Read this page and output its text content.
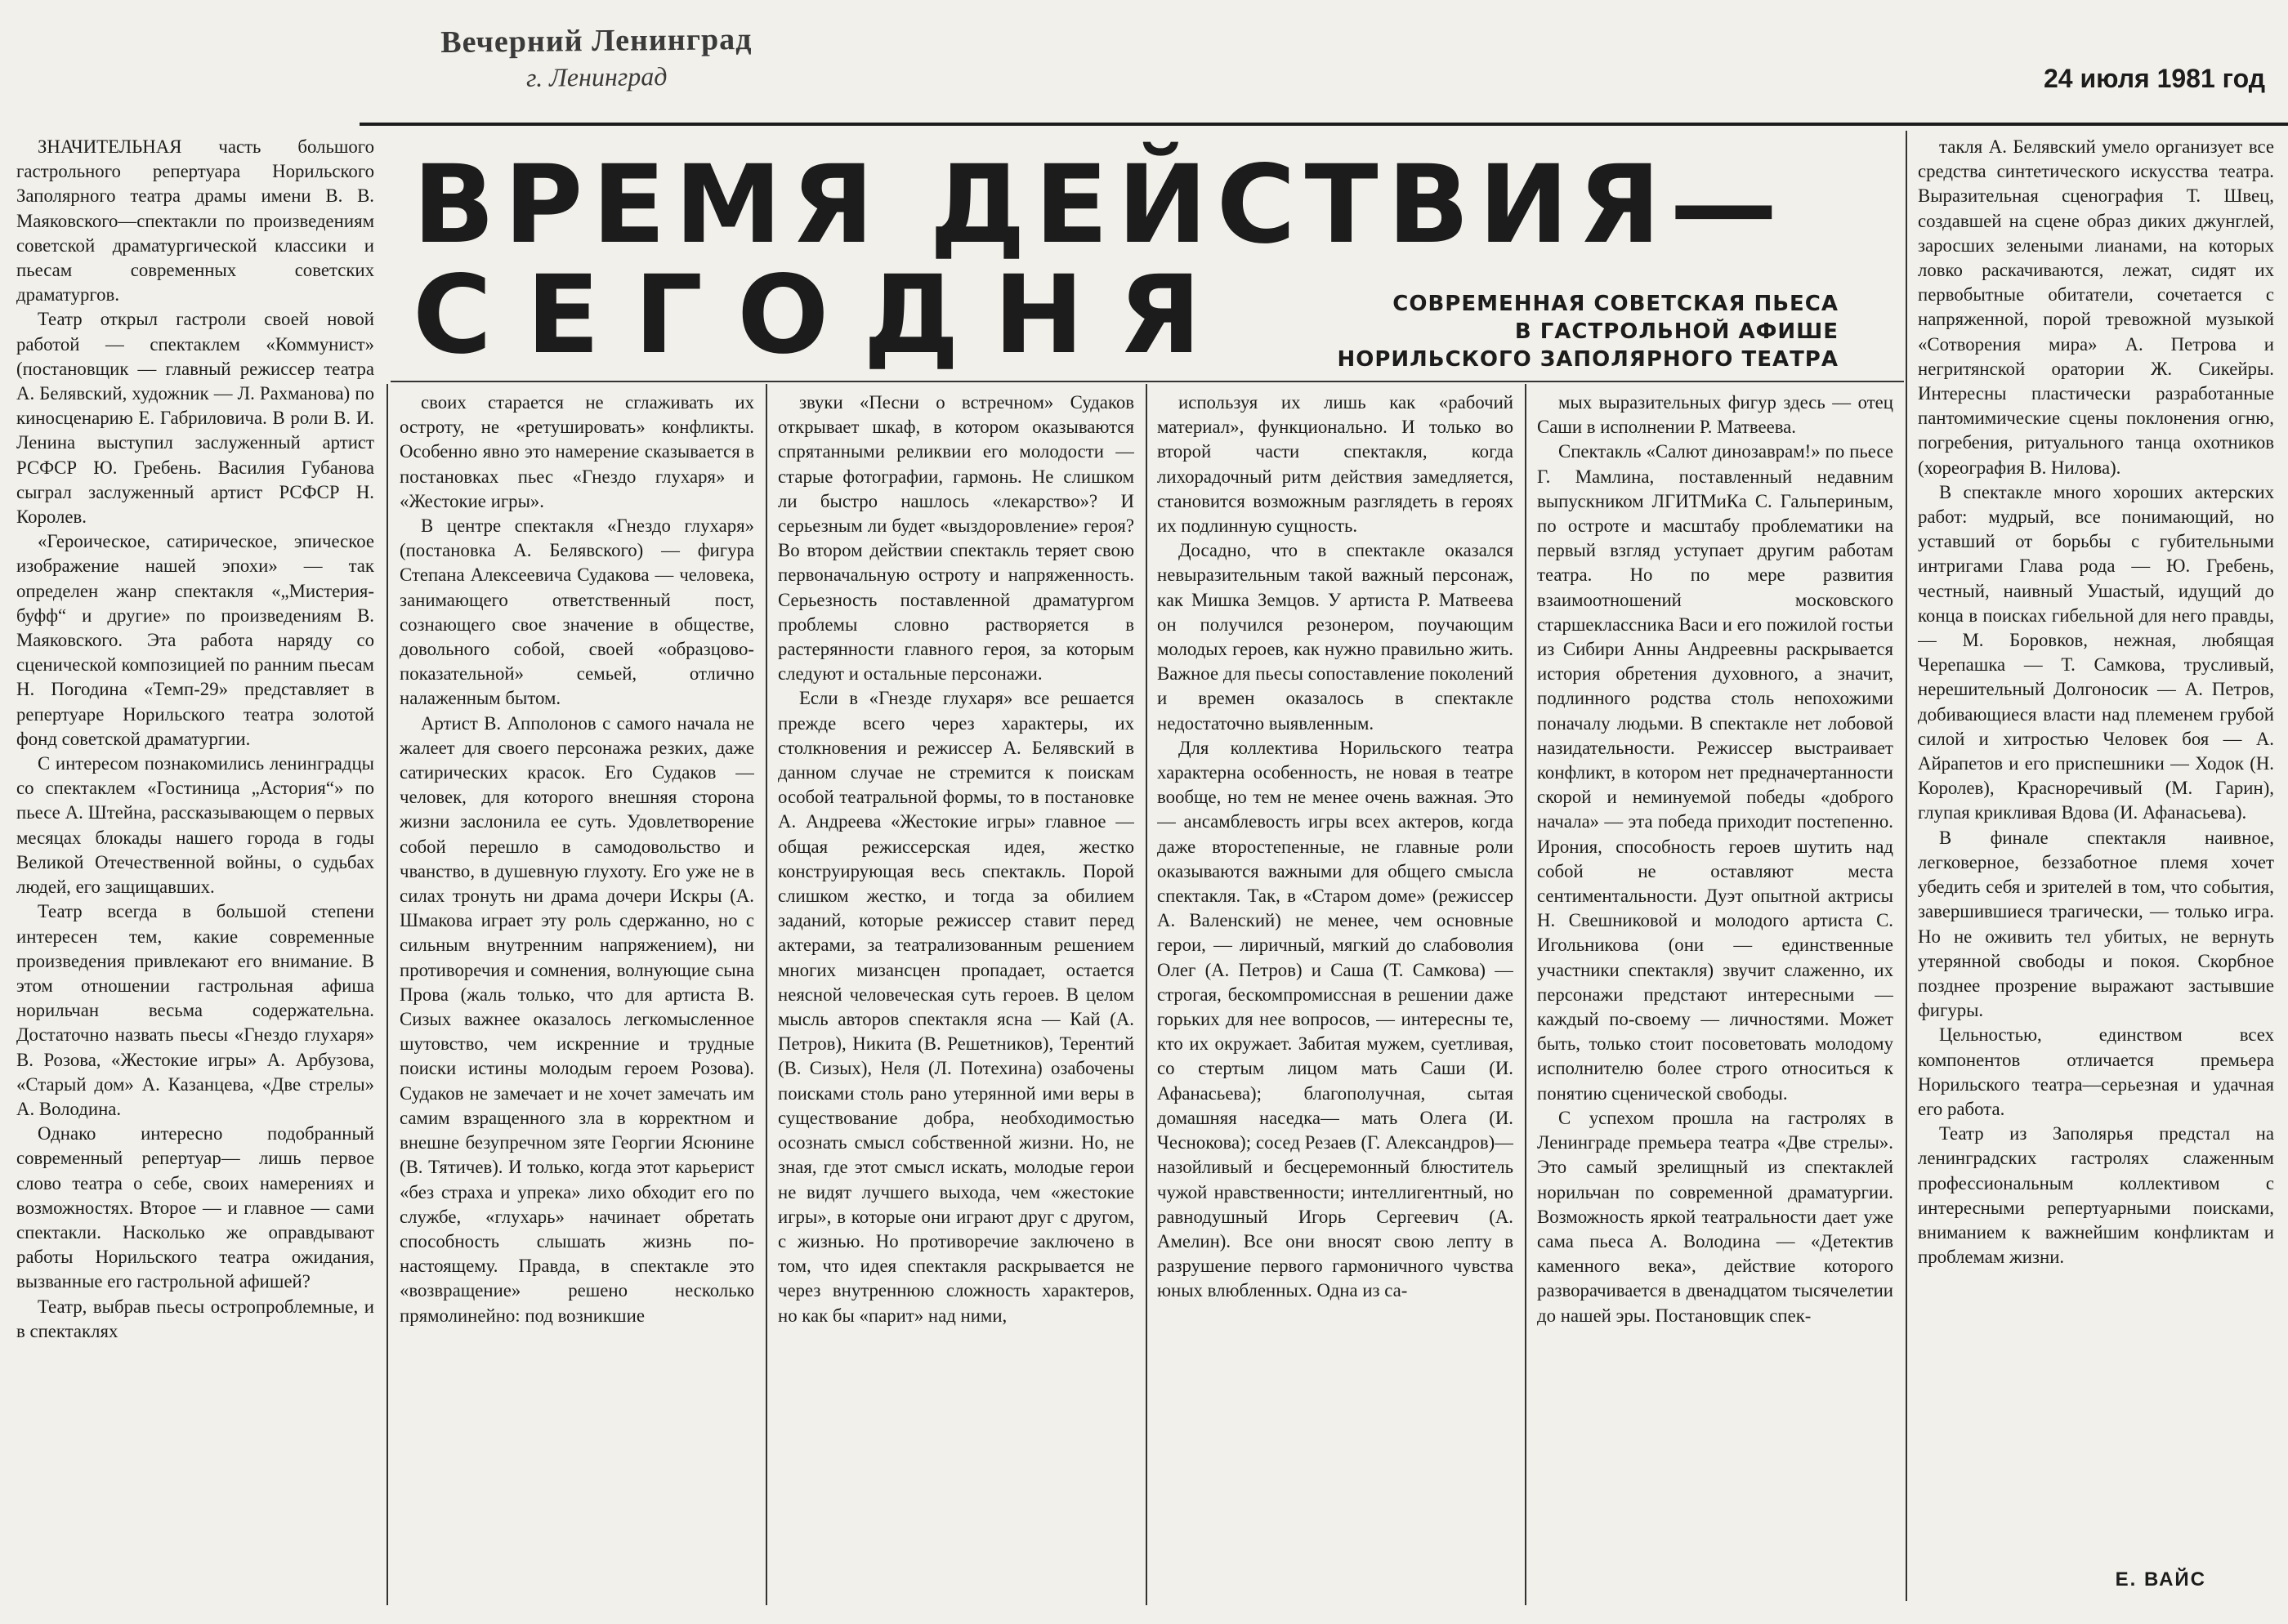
Вечерний Ленинград
г. Ленинград	24 июля 1981 год
ВРЕМЯ ДЕЙСТВИЯ—
СЕГОДНЯ	СОВРЕМЕННАЯ СОВЕТСКАЯ ПЬЕСА
В ГАСТРОЛЬНОЙ АФИШЕ
НОРИЛЬСКОГО ЗАПОЛЯРНОГО ТЕАТРА

ЗНАЧИТЕЛЬНАЯ часть большого гастрольного репертуара Норильского Заполярного театра драмы имени В. В. Маяковского—спектакли по произведениям советской драматургической классики и пьесам современных советских драматургов.

Театр открыл гастроли своей новой работой — спектаклем «Коммунист» (постановщик — главный режиссер театра А. Белявский, художник — Л. Рахманова) по киносценарию Е. Габриловича. В роли В. И. Ленина выступил заслуженный артист РСФСР Ю. Гребень. Василия Губанова сыграл заслуженный артист РСФСР Н. Королев.

«Героическое, сатирическое, эпическое изображение нашей эпохи» — так определен жанр спектакля «„Мистерия-буфф“ и другие» по произведениям В. Маяковского. Эта работа наряду со сценической композицией по ранним пьесам Н. Погодина «Темп-29» представляет в репертуаре Норильского театра золотой фонд советской драматургии.

С интересом познакомились ленинградцы со спектаклем «Гостиница „Астория“» по пьесе А. Штейна, рассказывающем о первых месяцах блокады нашего города в годы Великой Отечественной войны, о судьбах людей, его защищавших.

Театр всегда в большой степени интересен тем, какие современные произведения привлекают его внимание. В этом отношении гастрольная афиша норильчан весьма содержательна. Достаточно назвать пьесы «Гнездо глухаря» В. Розова, «Жестокие игры» А. Арбузова, «Старый дом» А. Казанцева, «Две стрелы» А. Володина.

Однако интересно подобранный современный репертуар— лишь первое слово театра о себе, своих намерениях и возможностях. Второе — и главное — сами спектакли. Насколько же оправдывают работы Норильского театра ожидания, вызванные его гастрольной афишей?

Театр, выбрав пьесы остропроблемные, и в спектаклях

своих старается не сглаживать их остроту, не «ретушировать» конфликты. Особенно явно это намерение сказывается в постановках пьес «Гнездо глухаря» и «Жестокие игры».

В центре спектакля «Гнездо глухаря» (постановка А. Белявского) — фигура Степана Алексеевича Судакова — человека, занимающего ответственный пост, сознающего свое значение в обществе, довольного собой, своей «образцово-показательной» семьей, отлично налаженным бытом.

Артист В. Апполонов с самого начала не жалеет для своего персонажа резких, даже сатирических красок. Его Судаков — человек, для которого внешняя сторона жизни заслонила ее суть. Удовлетворение собой перешло в самодовольство и чванство, в душевную глухоту. Его уже не в силах тронуть ни драма дочери Искры (А. Шмакова играет эту роль сдержанно, но с сильным внутренним напряжением), ни противоречия и сомнения, волнующие сына Прова (жаль только, что для артиста В. Сизых важнее оказалось легкомысленное шутовство, чем искренние и трудные поиски истины молодым героем Розова). Судаков не замечает и не хочет замечать им самим взращенного зла в корректном и внешне безупречном зяте Георгии Ясюнине (В. Тятичев). И только, когда этот карьерист «без страха и упрека» лихо обходит его по службе, «глухарь» начинает обретать способность слышать жизнь по-настоящему. Правда, в спектакле это «возвращение» решено несколько прямолинейно: под возникшие

звуки «Песни о встречном» Судаков открывает шкаф, в котором оказываются спрятанными реликвии его молодости — старые фотографии, гармонь. Не слишком ли быстро нашлось «лекарство»? И серьезным ли будет «выздоровление» героя? Во втором действии спектакль теряет свою первоначальную остроту и напряженность. Серьезность поставленной драматургом проблемы словно растворяется в растерянности главного героя, за которым следуют и остальные персонажи.

Если в «Гнезде глухаря» все решается прежде всего через характеры, их столкновения и режиссер А. Белявский в данном случае не стремится к поискам особой театральной формы, то в постановке А. Андреева «Жестокие игры» главное — общая режиссерская идея, жестко конструирующая весь спектакль. Порой слишком жестко, и тогда за обилием заданий, которые режиссер ставит перед актерами, за театрализованным решением многих мизансцен пропадает, остается неясной человеческая суть героев. В целом мысль авторов спектакля ясна — Кай (А. Петров), Никита (В. Решетников), Терентий (В. Сизых), Неля (Л. Потехина) озабочены поисками столь рано утерянной ими веры в существование добра, необходимостью осознать смысл собственной жизни. Но, не зная, где этот смысл искать, молодые герои не видят лучшего выхода, чем «жестокие игры», в которые они играют друг с другом, с жизнью. Но противоречие заключено в том, что идея спектакля раскрывается не через внутреннюю сложность характеров, но как бы «парит» над ними,

используя их лишь как «рабочий материал», функционально. И только во второй части спектакля, когда лихорадочный ритм действия замедляется, становится возможным разглядеть в героях их подлинную сущность.

Досадно, что в спектакле оказался невыразительным такой важный персонаж, как Мишка Земцов. У артиста Р. Матвеева он получился резонером, поучающим молодых героев, как нужно правильно жить. Важное для пьесы сопоставление поколений и времен оказалось в спектакле недостаточно выявленным.

Для коллектива Норильского театра характерна особенность, не новая в театре вообще, но тем не менее очень важная. Это — ансамблевость игры всех актеров, когда даже второстепенные, не главные роли оказываются важными для общего смысла спектакля. Так, в «Старом доме» (режиссер А. Валенский) не менее, чем основные герои, — лиричный, мягкий до слабоволия Олег (А. Петров) и Саша (Т. Самкова) — строгая, бескомпромиссная в решении даже горьких для нее вопросов, — интересны те, кто их окружает. Забитая мужем, суетливая, со стертым лицом мать Саши (И. Афанасьева); благополучная, сытая домашняя наседка— мать Олега (И. Чеснокова); сосед Резаев (Г. Александров)— назойливый и бесцеремонный блюститель чужой нравственности; интеллигентный, но равнодушный Игорь Сергеевич (А. Амелин). Все они вносят свою лепту в разрушение первого гармоничного чувства юных влюбленных. Одна из са-

мых выразительных фигур здесь — отец Саши в исполнении Р. Матвеева.

Спектакль «Салют динозаврам!» по пьесе Г. Мамлина, поставленный недавним выпускником ЛГИТМиКа С. Гальпериным, по остроте и масштабу проблематики на первый взгляд уступает другим работам театра. Но по мере развития взаимоотношений московского старшеклассника Васи и его пожилой гостьи из Сибири Анны Андреевны раскрывается история обретения духовного, а значит, подлинного родства столь непохожими поначалу людьми. В спектакле нет лобовой назидательности. Режиссер выстраивает конфликт, в котором нет предначертанности скорой и неминуемой победы «доброго начала» — эта победа приходит постепенно. Ирония, способность героев шутить над собой не оставляют места сентиментальности. Дуэт опытной актрисы Н. Свешниковой и молодого артиста С. Игольникова (они — единственные участники спектакля) звучит слаженно, их персонажи предстают интересными — каждый по-своему — личностями. Может быть, только стоит посоветовать молодому исполнителю более строго относиться к понятию сценической свободы.

С успехом прошла на гастролях в Ленинграде премьера театра «Две стрелы». Это самый зрелищный из спектаклей норильчан по современной драматургии. Возможность яркой театральности дает уже сама пьеса А. Володина — «Детектив каменного века», действие которого разворачивается в двенадцатом тысячелетии до нашей эры. Постановщик спек-

такля А. Белявский умело организует все средства синтетического искусства театра. Выразительная сценография Т. Швец, создавшей на сцене образ диких джунглей, заросших зелеными лианами, на которых ловко раскачиваются, лежат, сидят их первобытные обитатели, сочетается с напряженной, порой тревожной музыкой «Сотворения мира» А. Петрова и негритянской оратории Ж. Сикейры. Интересны пластически разработанные пантомимические сцены поклонения огню, погребения, ритуального танца охотников (хореография В. Нилова).

В спектакле много хороших актерских работ: мудрый, все понимающий, но уставший от борьбы с губительными интригами Глава рода — Ю. Гребень, честный, наивный Ушастый, идущий до конца в поисках гибельной для него правды, — М. Боровков, нежная, любящая Черепашка — Т. Самкова, трусливый, нерешительный Долгоносик — А. Петров, добивающиеся власти над племенем грубой силой и хитростью Человек боя — А. Айрапетов и его приспешники — Ходок (Н. Королев), Красноречивый (М. Гарин), глупая крикливая Вдова (И. Афанасьева).

В финале спектакля наивное, легковерное, беззаботное племя хочет убедить себя и зрителей в том, что события, завершившиеся трагически, — только игра. Но не оживить тел убитых, не вернуть утерянной свободы и покоя. Скорбное позднее прозрение выражают застывшие фигуры.

Цельностью, единством всех компонентов отличается премьера Норильского театра—серьезная и удачная его работа.

Театр из Заполярья предстал на ленинградских гастролях слаженным профессиональным коллективом с интересными репертуарными поисками, вниманием к важнейшим конфликтам и проблемам жизни.

Е. ВАЙС
